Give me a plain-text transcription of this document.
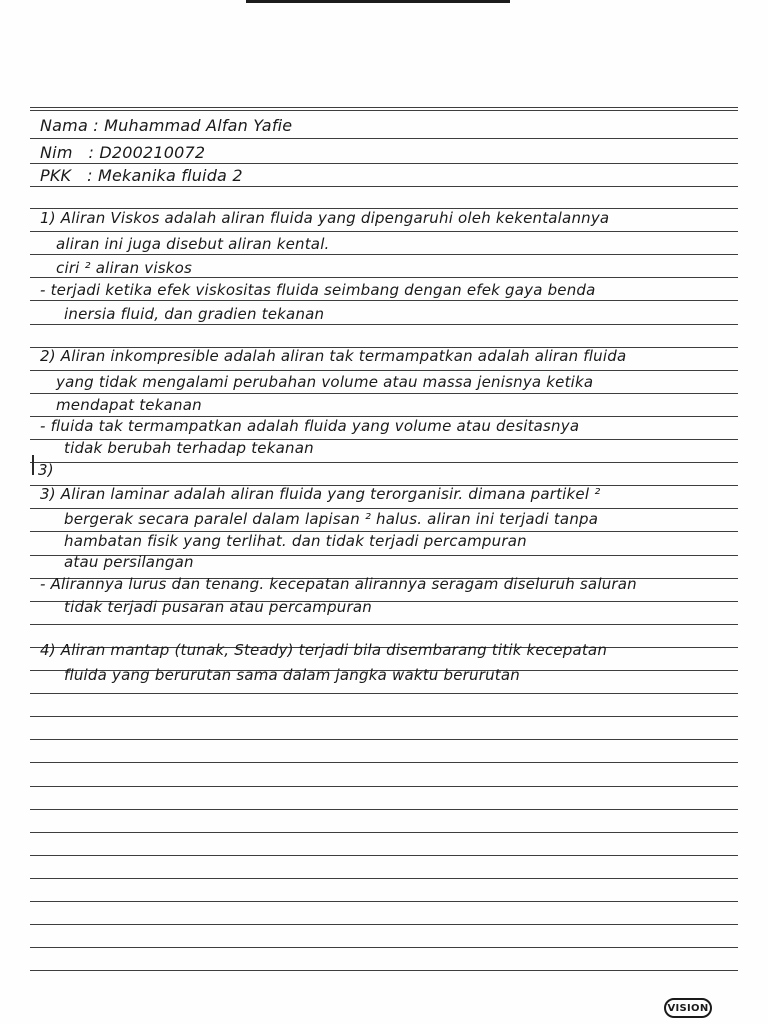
Nama : Muhammad Alfan Yafie
Nim : D200210072
PKK : Mekanika fluida 2
1) Aliran Viskos adalah aliran fluida yang dipengaruhi oleh kekentalannya
aliran ini juga disebut aliran kental.
ciri ² aliran viskos
- terjadi ketika efek viskositas fluida seimbang dengan efek gaya benda
inersia fluid, dan gradien tekanan
2) Aliran inkompresible adalah aliran tak termampatkan adalah aliran fluida
yang tidak mengalami perubahan volume atau massa jenisnya ketika
mendapat tekanan
- fluida tak termampatkan adalah fluida yang volume atau desitasnya
tidak berubah terhadap tekanan
3)
3) Aliran laminar adalah aliran fluida yang terorganisir. dimana partikel ²
bergerak secara paralel dalam lapisan ² halus. aliran ini terjadi tanpa
hambatan fisik yang terlihat. dan tidak terjadi percampuran
atau persilangan
- Alirannya lurus dan tenang. kecepatan alirannya seragam diseluruh saluran
tidak terjadi pusaran atau percampuran
4) Aliran mantap (tunak, Steady) terjadi bila disembarang titik kecepatan
fluida yang berurutan sama dalam jangka waktu berurutan
VISION
